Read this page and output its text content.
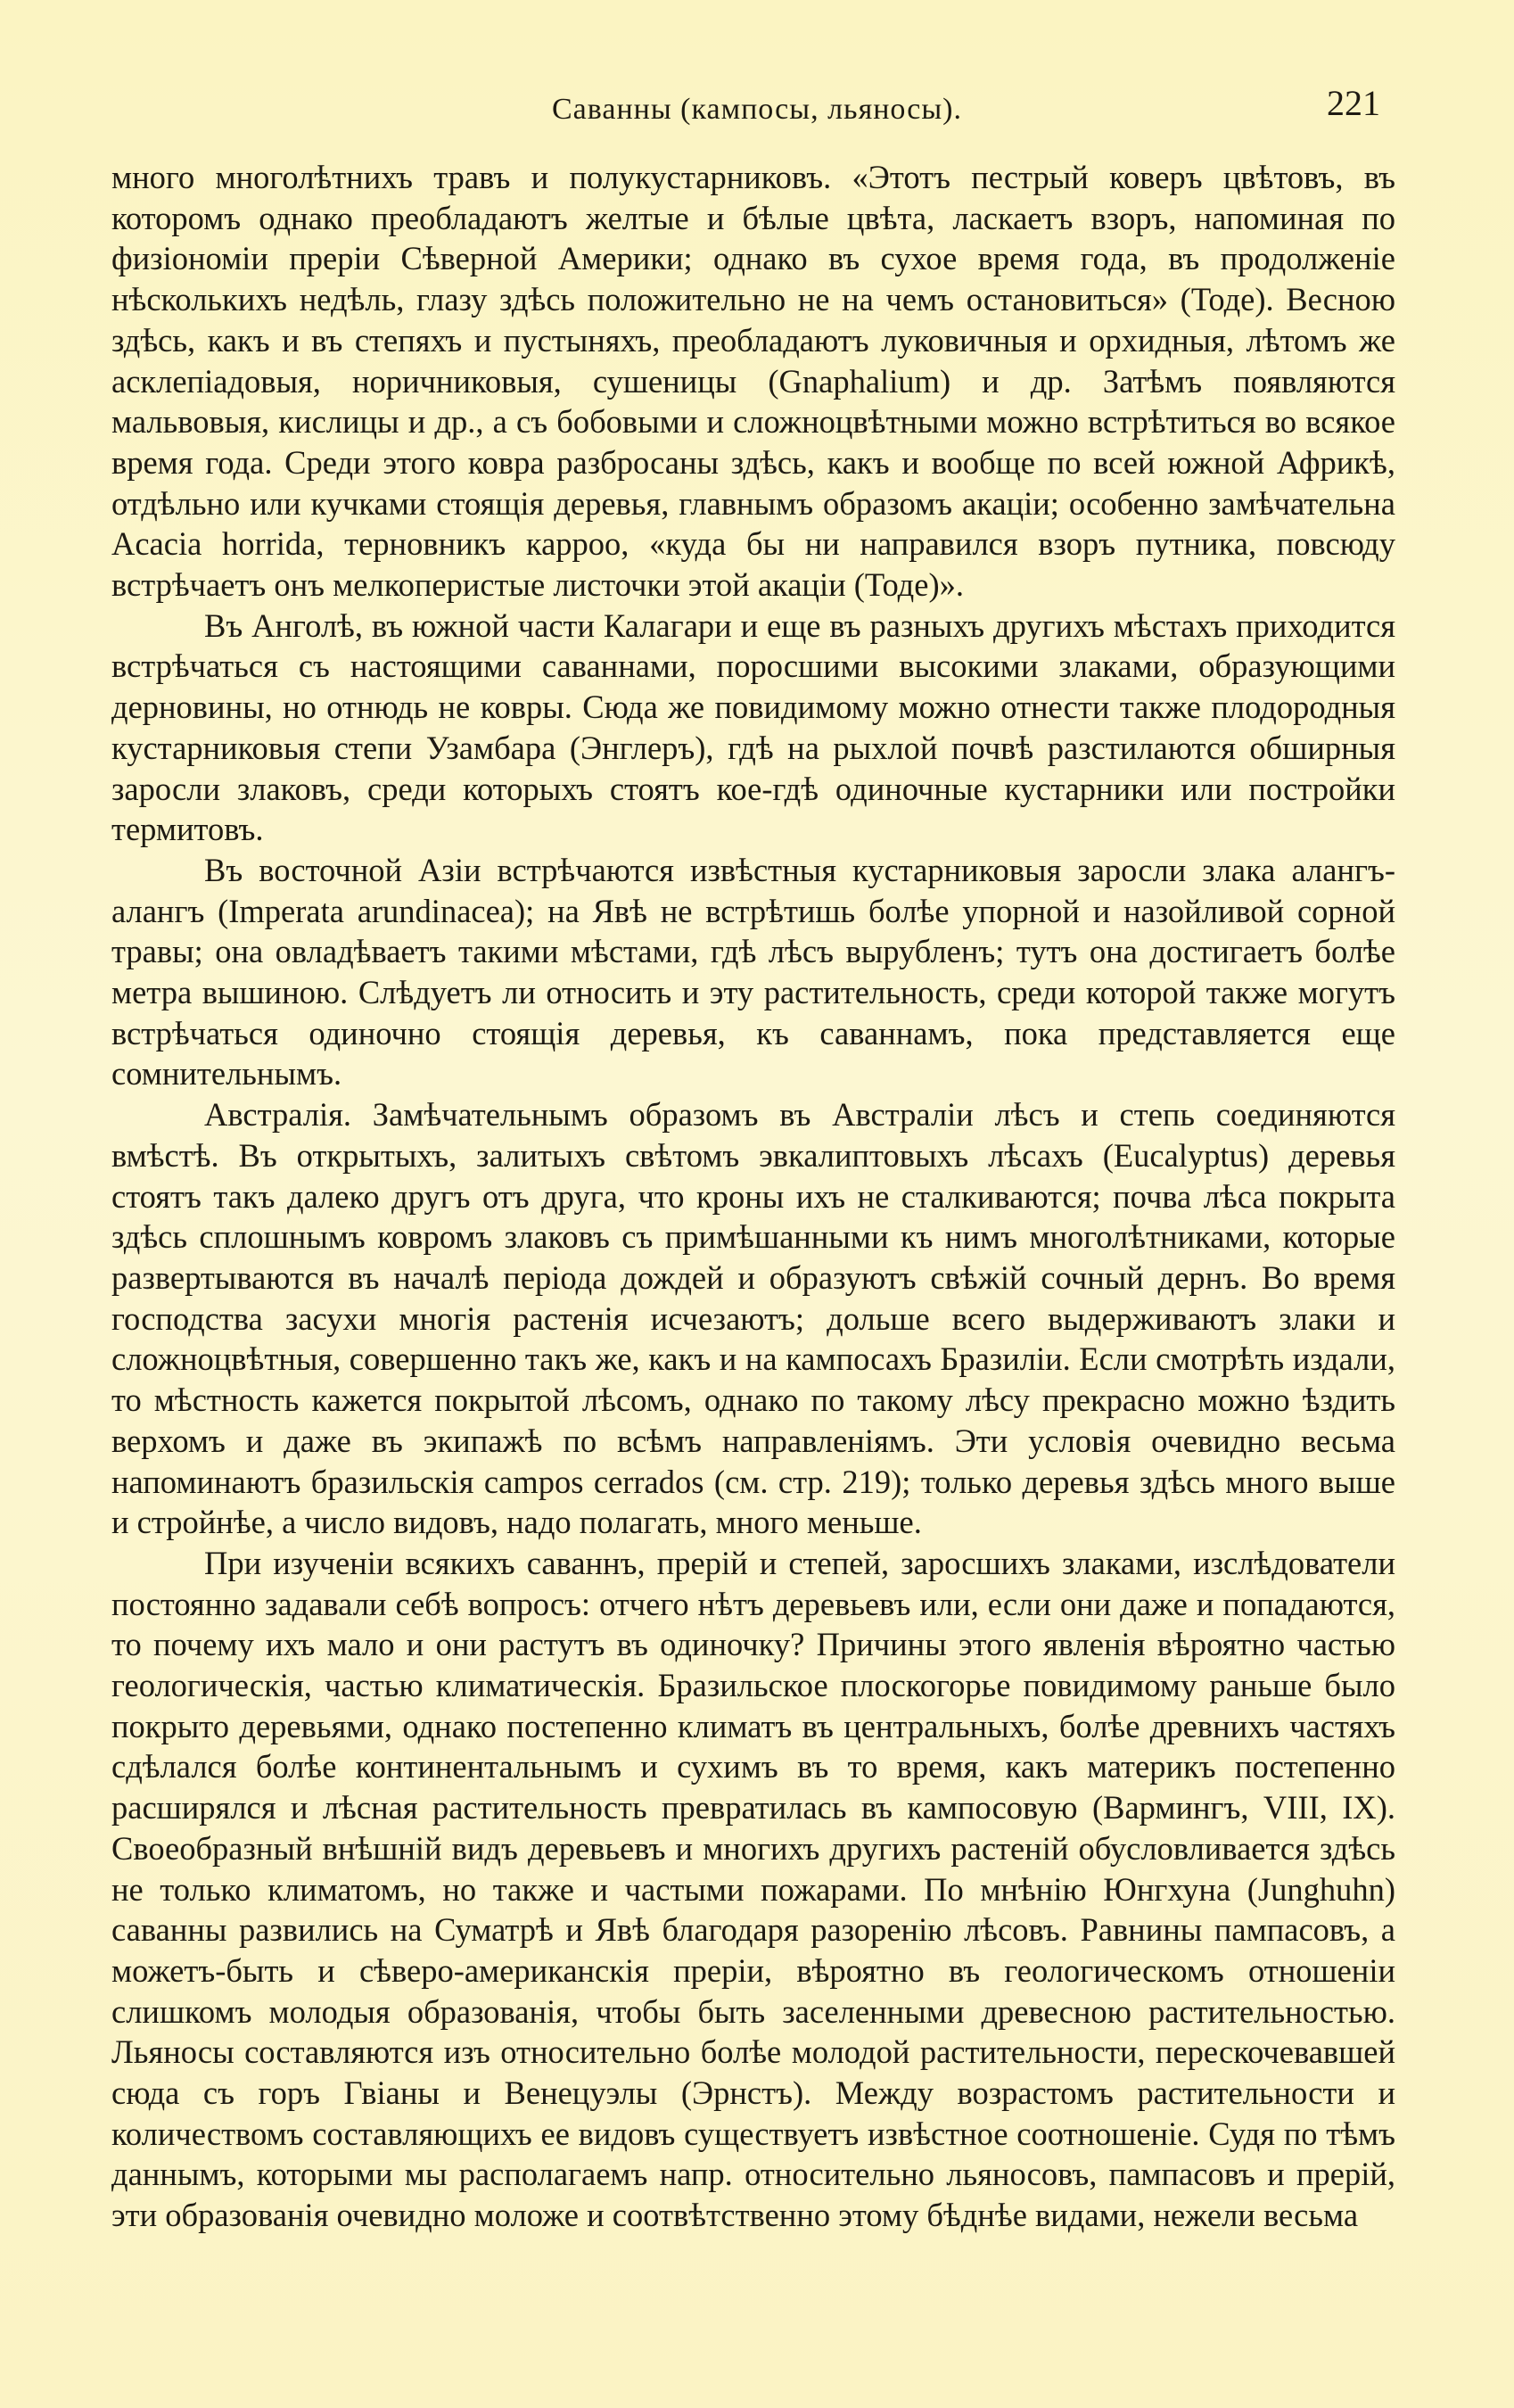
Саванны (кампосы, льяносы).	221

много многолѣтнихъ травъ и полукустарниковъ. «Этотъ пестрый коверъ цвѣтовъ, въ которомъ однако преобладаютъ желтые и бѣлые цвѣта, ласкаетъ взоръ, напоминая по физіономіи преріи Сѣверной Америки; однако въ сухое время года, въ продолженіе нѣсколькихъ недѣль, глазу здѣсь положительно не на чемъ остановиться» (Тоде). Весною здѣсь, какъ и въ степяхъ и пустыняхъ, преобладаютъ луковичныя и орхидныя, лѣтомъ же асклепіадовыя, норичниковыя, сушеницы (Gnaphalium) и др. Затѣмъ появляются мальвовыя, кислицы и др., а съ бобовыми и сложноцвѣтными можно встрѣтиться во всякое время года. Среди этого ковра разбросаны здѣсь, какъ и вообще по всей южной Африкѣ, отдѣльно или кучками стоящія деревья, главнымъ образомъ акаціи; особенно замѣчательна Acacia horrida, терновникъ карроо, «куда бы ни направился взоръ путника, повсюду встрѣчаетъ онъ мелкоперистые листочки этой акаціи (Тоде)».

Въ Анголѣ, въ южной части Калагари и еще въ разныхъ другихъ мѣстахъ приходится встрѣчаться съ настоящими саваннами, поросшими высокими злаками, образующими дерновины, но отнюдь не ковры. Сюда же повидимому можно отнести также плодородныя кустарниковыя степи Узамбара (Энглеръ), гдѣ на рыхлой почвѣ разстилаются обширныя заросли злаковъ, среди которыхъ стоятъ кое-гдѣ одиночные кустарники или постройки термитовъ.

Въ восточной Азіи встрѣчаются извѣстныя кустарниковыя заросли злака алангъ-алангъ (Imperata arundinacea); на Явѣ не встрѣтишь болѣе упорной и назойливой сорной травы; она овладѣваетъ такими мѣстами, гдѣ лѣсъ вырубленъ; тутъ она достигаетъ болѣе метра вышиною. Слѣдуетъ ли относить и эту растительность, среди которой также могутъ встрѣчаться одиночно стоящія деревья, къ саваннамъ, пока представляется еще сомнительнымъ.

Австралія. Замѣчательнымъ образомъ въ Австраліи лѣсъ и степь соединяются вмѣстѣ. Въ открытыхъ, залитыхъ свѣтомъ эвкалиптовыхъ лѣсахъ (Eucalyptus) деревья стоятъ такъ далеко другъ отъ друга, что кроны ихъ не сталкиваются; почва лѣса покрыта здѣсь сплошнымъ ковромъ злаковъ съ примѣшанными къ нимъ многолѣтниками, которые развертываются въ началѣ періода дождей и образуютъ свѣжій сочный дернъ. Во время господства засухи многія растенія исчезаютъ; дольше всего выдерживаютъ злаки и сложноцвѣтныя, совершенно такъ же, какъ и на кампосахъ Бразиліи. Если смотрѣть издали, то мѣстность кажется покрытой лѣсомъ, однако по такому лѣсу прекрасно можно ѣздить верхомъ и даже въ экипажѣ по всѣмъ направленіямъ. Эти условія очевидно весьма напоминаютъ бразильскія campos cerrados (см. стр. 219); только деревья здѣсь много выше и стройнѣе, а число видовъ, надо полагать, много меньше.

При изученіи всякихъ саваннъ, прерій и степей, заросшихъ злаками, изслѣдователи постоянно задавали себѣ вопросъ: отчего нѣтъ деревьевъ или, если они даже и попадаются, то почему ихъ мало и они растутъ въ одиночку? Причины этого явленія вѣроятно частью геологическія, частью климатическія. Бразильское плоскогорье повидимому раньше было покрыто деревьями, однако постепенно климатъ въ центральныхъ, болѣе древнихъ частяхъ сдѣлался болѣе континентальнымъ и сухимъ въ то время, какъ материкъ постепенно расширялся и лѣсная растительность превратилась въ кампосовую (Вармингъ, VIII, IX). Своеобразный внѣшній видъ деревьевъ и многихъ другихъ растеній обусловливается здѣсь не только климатомъ, но также и частыми пожарами. По мнѣнію Юнгхуна (Junghuhn) саванны развились на Суматрѣ и Явѣ благодаря разоренію лѣсовъ. Равнины пампасовъ, а можетъ-быть и сѣверо-американскія преріи, вѣроятно въ геологическомъ отношеніи слишкомъ молодыя образованія, чтобы быть заселенными древесною растительностью. Льяносы составляются изъ относительно болѣе молодой растительности, перескочевавшей сюда съ горъ Гвіаны и Венецуэлы (Эрнстъ). Между возрастомъ растительности и количествомъ составляющихъ ее видовъ существуетъ извѣстное соотношеніе. Судя по тѣмъ даннымъ, которыми мы располагаемъ напр. относительно льяносовъ, пампасовъ и прерій, эти образованія очевидно моложе и соотвѣтственно этому бѣднѣе видами, нежели весьма
